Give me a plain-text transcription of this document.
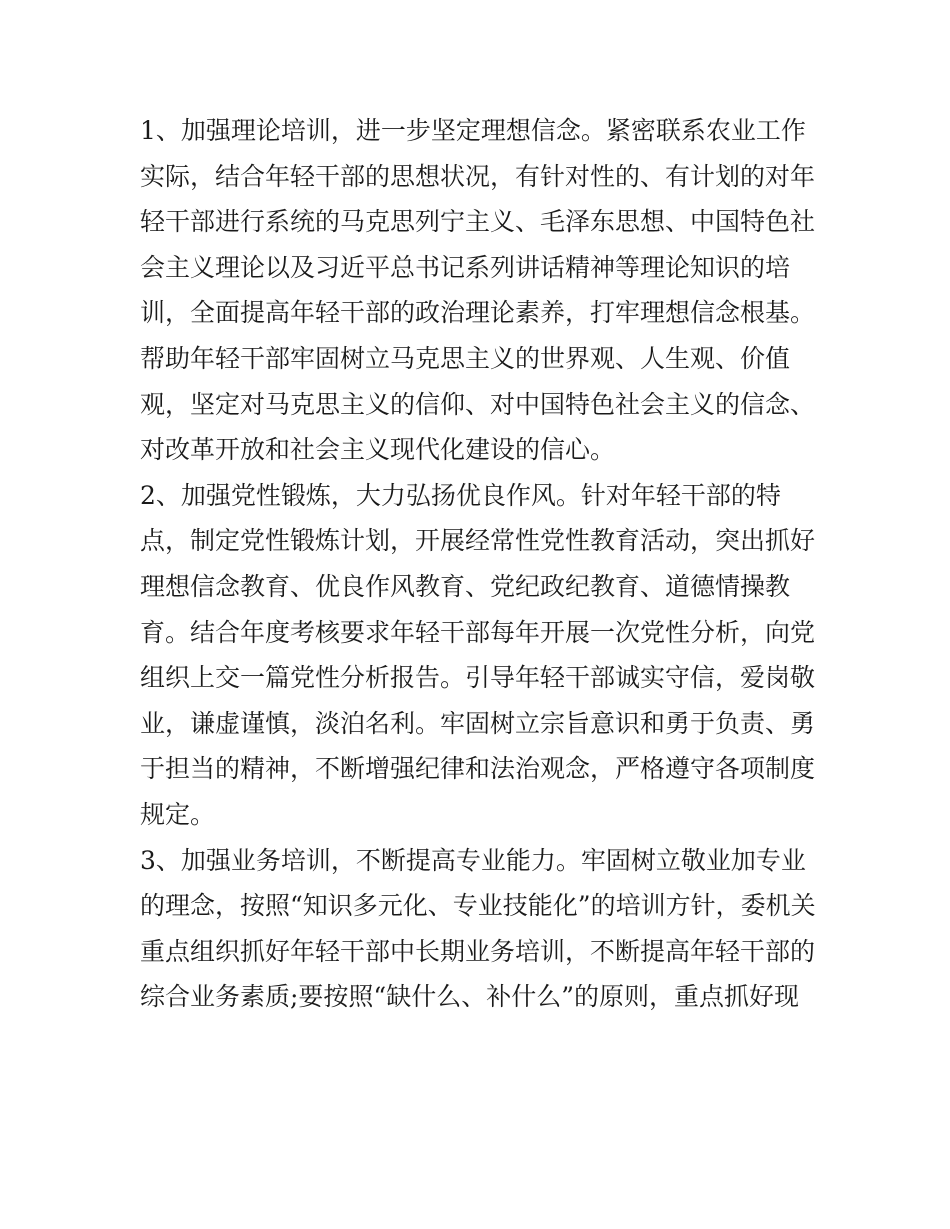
1、加强理论培训，进一步坚定理想信念。紧密联系农业工作
实际，结合年轻干部的思想状况，有针对性的、有计划的对年
轻干部进行系统的马克思列宁主义、毛泽东思想、中国特色社
会主义理论以及习近平总书记系列讲话精神等理论知识的培
训，全面提高年轻干部的政治理论素养，打牢理想信念根基。
帮助年轻干部牢固树立马克思主义的世界观、人生观、价值
观，坚定对马克思主义的信仰、对中国特色社会主义的信念、
对改革开放和社会主义现代化建设的信心。
2、加强党性锻炼，大力弘扬优良作风。针对年轻干部的特
点，制定党性锻炼计划，开展经常性党性教育活动，突出抓好
理想信念教育、优良作风教育、党纪政纪教育、道德情操教
育。结合年度考核要求年轻干部每年开展一次党性分析，向党
组织上交一篇党性分析报告。引导年轻干部诚实守信，爱岗敬
业，谦虚谨慎，淡泊名利。牢固树立宗旨意识和勇于负责、勇
于担当的精神，不断增强纪律和法治观念，严格遵守各项制度
规定。
3、加强业务培训，不断提高专业能力。牢固树立敬业加专业
的理念，按照“知识多元化、专业技能化”的培训方针，委机关
重点组织抓好年轻干部中长期业务培训，不断提高年轻干部的
综合业务素质;要按照“缺什么、补什么”的原则，重点抓好现
